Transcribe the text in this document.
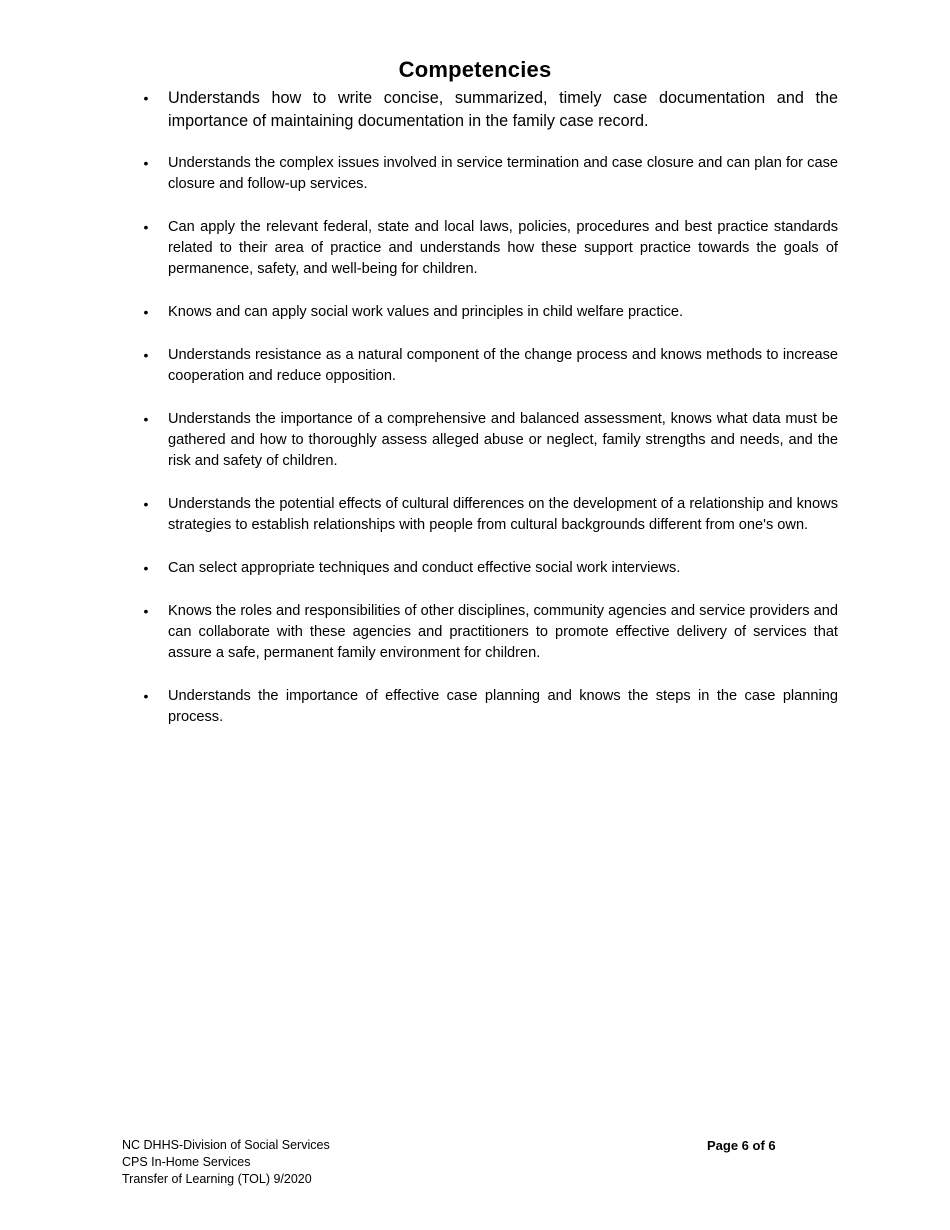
Competencies
• Understands how to write concise, summarized, timely case documentation and the importance of maintaining documentation in the family case record.
• Understands the complex issues involved in service termination and case closure and can plan for case closure and follow-up services.
• Can apply the relevant federal, state and local laws, policies, procedures and best practice standards related to their area of practice and understands how these support practice towards the goals of permanence, safety, and well-being for children.
• Knows and can apply social work values and principles in child welfare practice.
• Understands resistance as a natural component of the change process and knows methods to increase cooperation and reduce opposition.
• Understands the importance of a comprehensive and balanced assessment, knows what data must be gathered and how to thoroughly assess alleged abuse or neglect, family strengths and needs, and the risk and safety of children.
• Understands the potential effects of cultural differences on the development of a relationship and knows strategies to establish relationships with people from cultural backgrounds different from one's own.
• Can select appropriate techniques and conduct effective social work interviews.
• Knows the roles and responsibilities of other disciplines, community agencies and service providers and can collaborate with these agencies and practitioners to promote effective delivery of services that assure a safe, permanent family environment for children.
• Understands the importance of effective case planning and knows the steps in the case planning process.
NC DHHS-Division of Social Services
CPS In-Home Services
Transfer of Learning (TOL) 9/2020
Page 6 of 6
